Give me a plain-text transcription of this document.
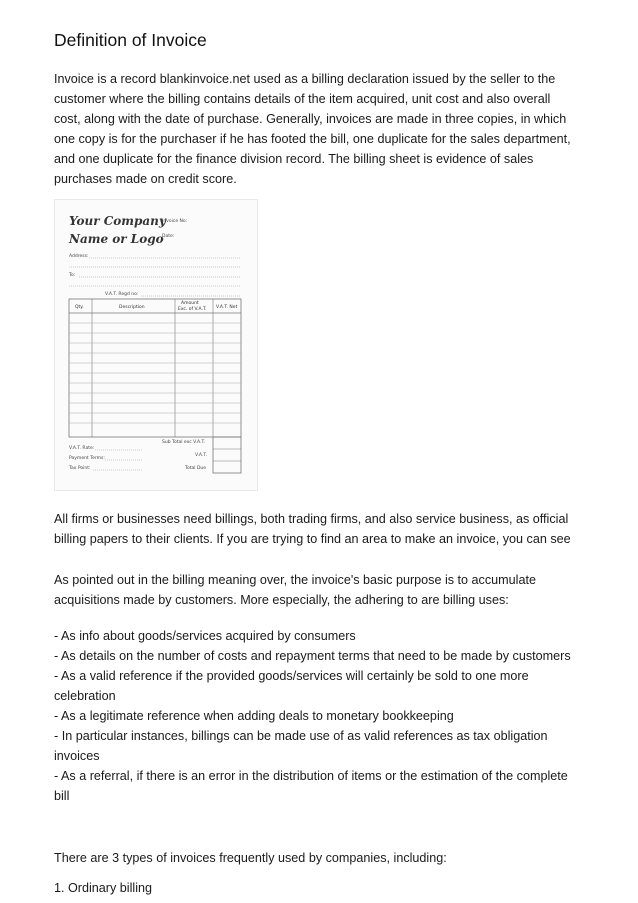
Definition of Invoice
Invoice is a record blankinvoice.net used as a billing declaration issued by the seller to the
customer where the billing contains details of the item acquired, unit cost and also overall
cost, along with the date of purchase. Generally, invoices are made in three copies, in which
one copy is for the purchaser if he has footed the bill, one duplicate for the sales department,
and one duplicate for the finance division record. The billing sheet is evidence of sales
purchases made on credit score.
Your Company
Name or Logo
Invoice No:
Date:
Address:
To:
V.A.T. Regd no:
Qty.	Description
Amount
Exc. of V.A.T. V.A.T. Net
V.A.T. Rate:
Payment Terms:
Tax Point:
Sub Total exc V.A.T.
V.A.T.
Total Due
All firms or businesses need billings, both trading firms, and also service business, as official
billing papers to their clients. If you are trying to find an area to make an invoice, you can see
As pointed out in the billing meaning over, the invoice's basic purpose is to accumulate
acquisitions made by customers. More especially, the adhering to are billing uses:
- As info about goods/services acquired by consumers
- As details on the number of costs and repayment terms that need to be made by customers
- As a valid reference if the provided goods/services will certainly be sold to one more
celebration
- As a legitimate reference when adding deals to monetary bookkeeping
- In particular instances, billings can be made use of as valid references as tax obligation
invoices
- As a referral, if there is an error in the distribution of items or the estimation of the complete
bill
There are 3 types of invoices frequently used by companies, including:
1. Ordinary billing
